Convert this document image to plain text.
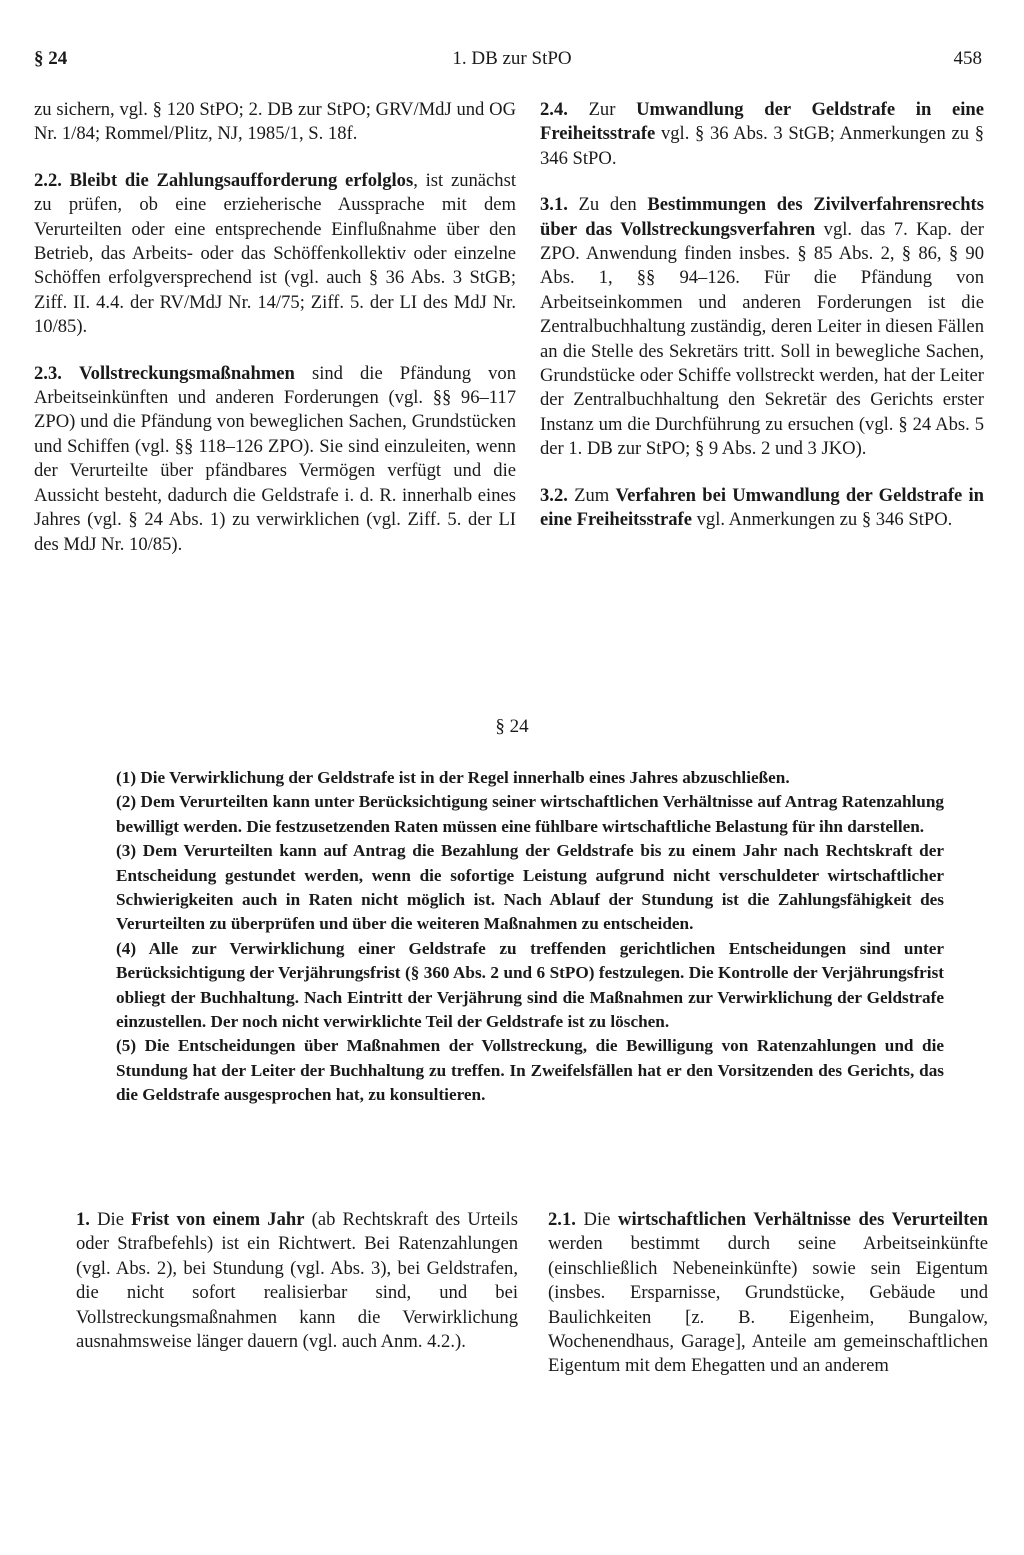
§ 24	1. DB zur StPO	458

zu sichern, vgl. § 120 StPO; 2. DB zur StPO; GRV/MdJ und OG Nr. 1/84; Rommel/Plitz, NJ, 1985/1, S. 18f.

2.2. Bleibt die Zahlungsaufforderung erfolglos, ist zunächst zu prüfen, ob eine erzieherische Aussprache mit dem Verurteilten oder eine entsprechende Einflußnahme über den Betrieb, das Arbeits- oder das Schöffenkollektiv oder einzelne Schöffen erfolgversprechend ist (vgl. auch § 36 Abs. 3 StGB; Ziff. II. 4.4. der RV/MdJ Nr. 14/75; Ziff. 5. der LI des MdJ Nr. 10/85).

2.3. Vollstreckungsmaßnahmen sind die Pfändung von Arbeitseinkünften und anderen Forderungen (vgl. §§ 96–117 ZPO) und die Pfändung von beweglichen Sachen, Grundstücken und Schiffen (vgl. §§ 118–126 ZPO). Sie sind einzuleiten, wenn der Verurteilte über pfändbares Vermögen verfügt und die Aussicht besteht, dadurch die Geldstrafe i. d. R. innerhalb eines Jahres (vgl. § 24 Abs. 1) zu verwirklichen (vgl. Ziff. 5. der LI des MdJ Nr. 10/85).

2.4. Zur Umwandlung der Geldstrafe in eine Freiheitsstrafe vgl. § 36 Abs. 3 StGB; Anmerkungen zu § 346 StPO.

3.1. Zu den Bestimmungen des Zivilverfahrensrechts über das Vollstreckungsverfahren vgl. das 7. Kap. der ZPO. Anwendung finden insbes. § 85 Abs. 2, § 86, § 90 Abs. 1, §§ 94–126. Für die Pfändung von Arbeitseinkommen und anderen Forderungen ist die Zentralbuchhaltung zuständig, deren Leiter in diesen Fällen an die Stelle des Sekretärs tritt. Soll in bewegliche Sachen, Grundstücke oder Schiffe vollstreckt werden, hat der Leiter der Zentralbuchhaltung den Sekretär des Gerichts erster Instanz um die Durchführung zu ersuchen (vgl. § 24 Abs. 5 der 1. DB zur StPO; § 9 Abs. 2 und 3 JKO).

3.2. Zum Verfahren bei Umwandlung der Geldstrafe in eine Freiheitsstrafe vgl. Anmerkungen zu § 346 StPO.

§ 24

(1) Die Verwirklichung der Geldstrafe ist in der Regel innerhalb eines Jahres abzuschließen.

(2) Dem Verurteilten kann unter Berücksichtigung seiner wirtschaftlichen Verhältnisse auf Antrag Ratenzahlung bewilligt werden. Die festzusetzenden Raten müssen eine fühlbare wirtschaftliche Belastung für ihn darstellen.

(3) Dem Verurteilten kann auf Antrag die Bezahlung der Geldstrafe bis zu einem Jahr nach Rechtskraft der Entscheidung gestundet werden, wenn die sofortige Leistung aufgrund nicht verschuldeter wirtschaftlicher Schwierigkeiten auch in Raten nicht möglich ist. Nach Ablauf der Stundung ist die Zahlungsfähigkeit des Verurteilten zu überprüfen und über die weiteren Maßnahmen zu entscheiden.

(4) Alle zur Verwirklichung einer Geldstrafe zu treffenden gerichtlichen Entscheidungen sind unter Berücksichtigung der Verjährungsfrist (§ 360 Abs. 2 und 6 StPO) festzulegen. Die Kontrolle der Verjährungsfrist obliegt der Buchhaltung. Nach Eintritt der Verjährung sind die Maßnahmen zur Verwirklichung der Geldstrafe einzustellen. Der noch nicht verwirklichte Teil der Geldstrafe ist zu löschen.

(5) Die Entscheidungen über Maßnahmen der Vollstreckung, die Bewilligung von Ratenzahlungen und die Stundung hat der Leiter der Buchhaltung zu treffen. In Zweifelsfällen hat er den Vorsitzenden des Gerichts, das die Geldstrafe ausgesprochen hat, zu konsultieren.

1. Die Frist von einem Jahr (ab Rechtskraft des Urteils oder Strafbefehls) ist ein Richtwert. Bei Ratenzahlungen (vgl. Abs. 2), bei Stundung (vgl. Abs. 3), bei Geldstrafen, die nicht sofort realisierbar sind, und bei Vollstreckungsmaßnahmen kann die Verwirklichung ausnahmsweise länger dauern (vgl. auch Anm. 4.2.).

2.1. Die wirtschaftlichen Verhältnisse des Verurteilten werden bestimmt durch seine Arbeitseinkünfte (einschließlich Nebeneinkünfte) sowie sein Eigentum (insbes. Ersparnisse, Grundstücke, Gebäude und Baulichkeiten [z. B. Eigenheim, Bungalow, Wochenendhaus, Garage], Anteile am gemeinschaftlichen Eigentum mit dem Ehegatten und an anderem
